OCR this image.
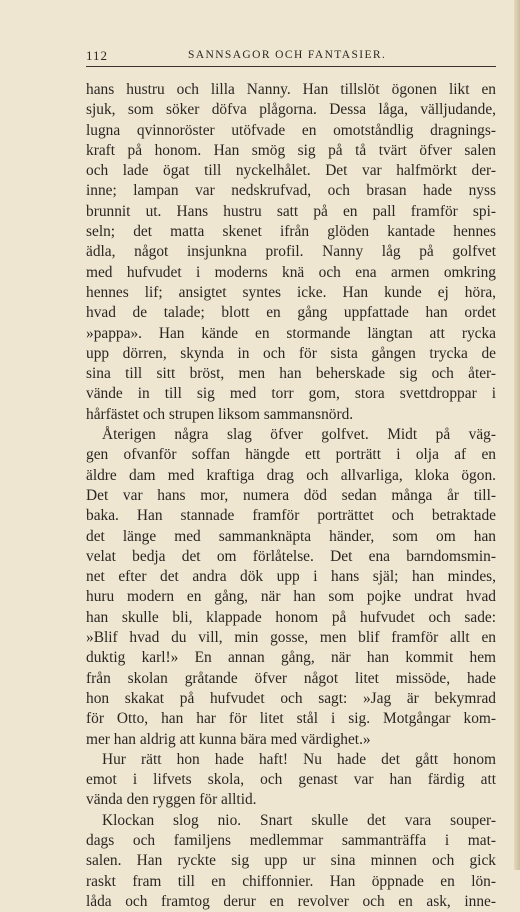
112	SANNSAGOR OCH FANTASIER.
hans hustru och lilla Nanny. Han tillslöt ögonen likt en
sjuk, som söker döfva plågorna. Dessa låga, välljudande,
lugna qvinnoröster utöfvade en omotståndlig dragnings-
kraft på honom. Han smög sig på tå tvärt öfver salen
och lade ögat till nyckelhålet. Det var halfmörkt der-
inne; lampan var nedskrufvad, och brasan hade nyss
brunnit ut. Hans hustru satt på en pall framför spi-
seln; det matta skenet ifrån glöden kantade hennes
ädla, något insjunkna profil. Nanny låg på golfvet
med hufvudet i moderns knä och ena armen omkring
hennes lif; ansigtet syntes icke. Han kunde ej höra,
hvad de talade; blott en gång uppfattade han ordet
»pappa». Han kände en stormande längtan att rycka
upp dörren, skynda in och för sista gången trycka de
sina till sitt bröst, men han beherskade sig och åter-
vände in till sig med torr gom, stora svettdroppar i
hårfästet och strupen liksom sammansnörd.
Återigen några slag öfver golfvet. Midt på väg-
gen ofvanför soffan hängde ett porträtt i olja af en
äldre dam med kraftiga drag och allvarliga, kloka ögon.
Det var hans mor, numera död sedan många år till-
baka. Han stannade framför porträttet och betraktade
det länge med sammanknäpta händer, som om han
velat bedja det om förlåtelse. Det ena barndomsmin-
net efter det andra dök upp i hans själ; han mindes,
huru modern en gång, när han som pojke undrat hvad
han skulle bli, klappade honom på hufvudet och sade:
»Blif hvad du vill, min gosse, men blif framför allt en
duktig karl!» En annan gång, när han kommit hem
från skolan gråtande öfver något litet missöde, hade
hon skakat på hufvudet och sagt: »Jag är bekymrad
för Otto, han har för litet stål i sig. Motgångar kom-
mer han aldrig att kunna bära med värdighet.»
Hur rätt hon hade haft! Nu hade det gått honom
emot i lifvets skola, och genast var han färdig att
vända den ryggen för alltid.
Klockan slog nio. Snart skulle det vara souper-
dags och familjens medlemmar sammanträffa i mat-
salen. Han ryckte sig upp ur sina minnen och gick
raskt fram till en chiffonnier. Han öppnade en lön-
låda och framtog derur en revolver och en ask, inne-
